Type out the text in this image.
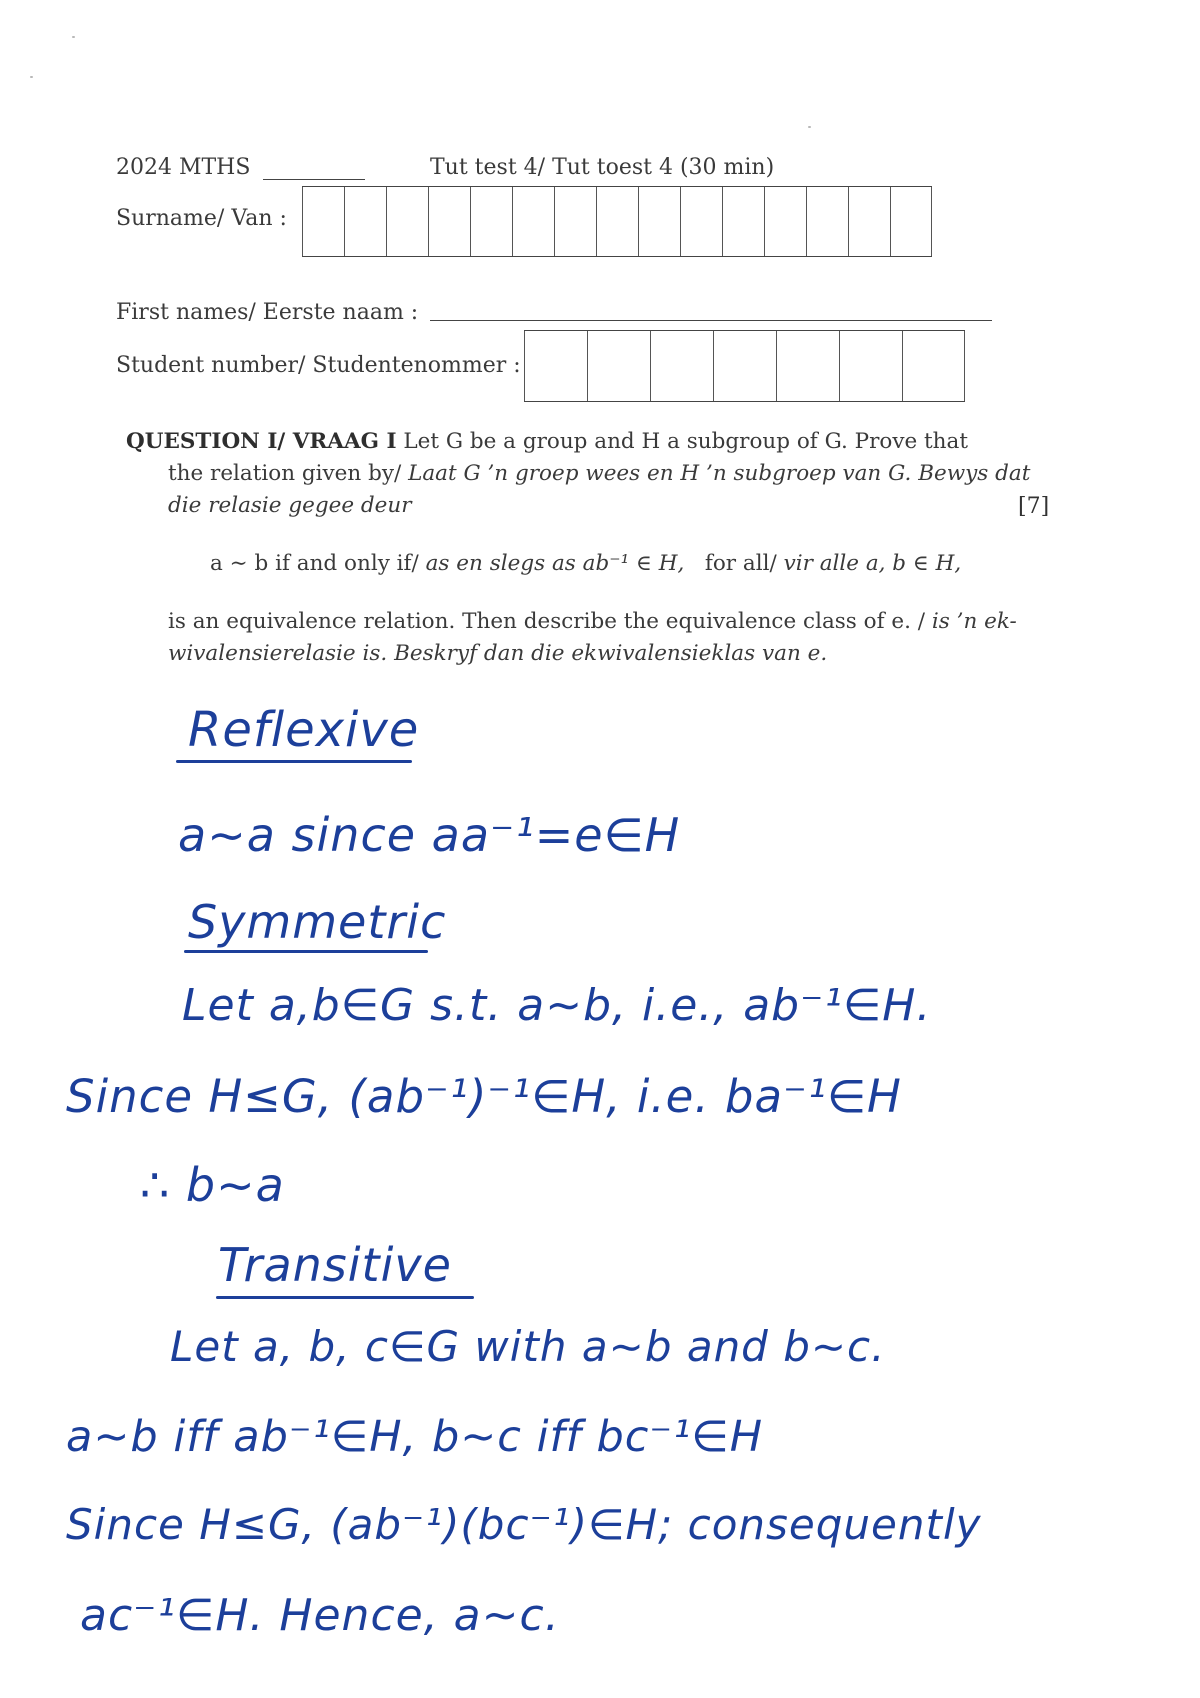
2024 MTHS	Tut test 4/ Tut toest 4 (30 min)
Surname/ Van :
First names/ Eerste naam :
Student number/ Studentenommer :
QUESTION I/ VRAAG I Let G be a group and H a subgroup of G. Prove that
the relation given by/ Laat G ’n groep wees en H ’n subgroep van G. Bewys dat
die relasie gegee deur	[7]
a ∼ b if and only if/ as en slegs as ab⁻¹ ∈ H, for all/ vir alle a, b ∈ H,
is an equivalence relation. Then describe the equivalence class of e. / is ’n ek-
wivalensierelasie is. Beskryf dan die ekwivalensieklas van e.
Reflexive
a∼a since aa⁻¹=e∈H
Symmetric
Let a,b∈G s.t. a∼b, i.e., ab⁻¹∈H.
Since H≤G, (ab⁻¹)⁻¹∈H, i.e. ba⁻¹∈H
∴ b∼a
Transitive
Let a, b, c∈G with a∼b and b∼c.
a∼b iff ab⁻¹∈H, b∼c iff bc⁻¹∈H
Since H≤G, (ab⁻¹)(bc⁻¹)∈H; consequently
ac⁻¹∈H. Hence, a∼c.
